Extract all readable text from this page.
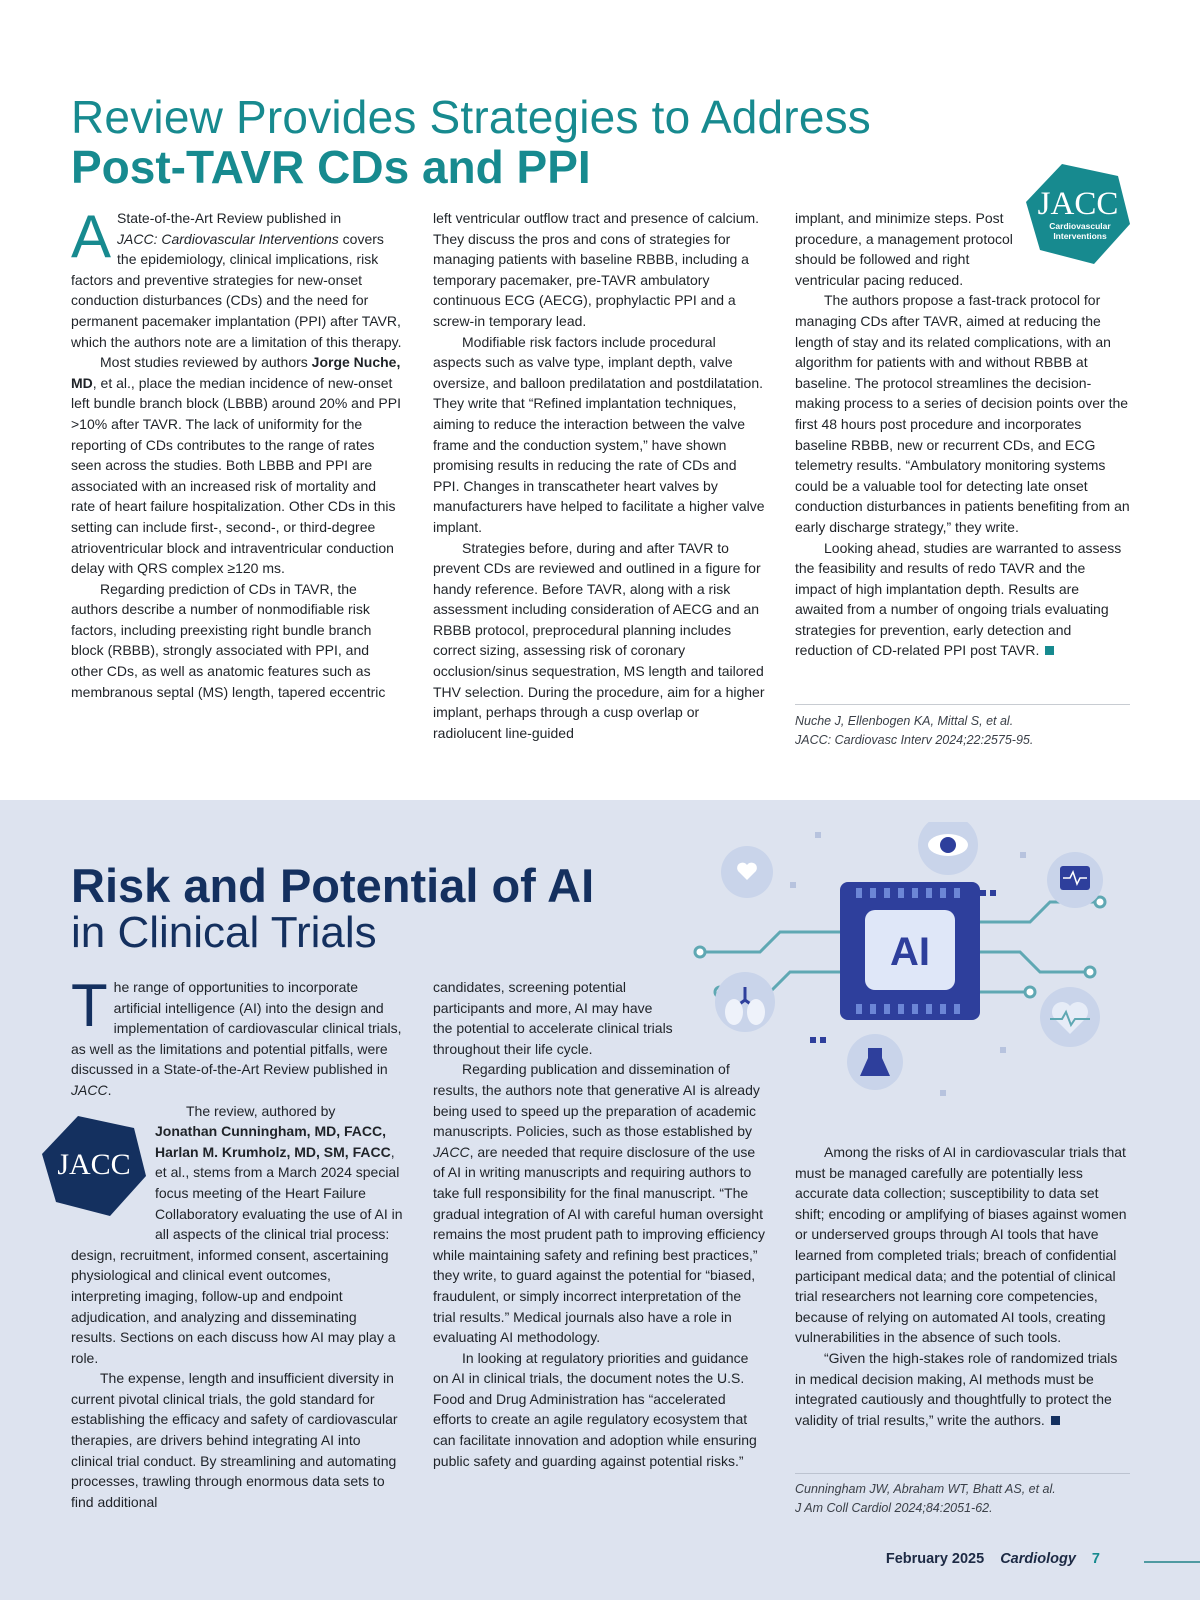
Review Provides Strategies to Address
Post-TAVR CDs and PPI
JACC
Cardiovascular
Interventions

A State-of-the-Art Review published in
JACC: Cardiovascular Interventions covers the epidemiology, clinical implications, risk factors and preventive strategies for new-onset conduction disturbances (CDs) and the need for permanent pacemaker implantation (PPI) after TAVR, which the authors note are a limitation of this therapy.

Most studies reviewed by authors Jorge Nuche, MD, et al., place the median incidence of new-onset left bundle branch block (LBBB) around 20% and PPI >10% after TAVR. The lack of uniformity for the reporting of CDs contributes to the range of rates seen across the studies. Both LBBB and PPI are associated with an increased risk of mortality and rate of heart failure hospitalization. Other CDs in this setting can include first-, second-, or third-degree atrioventricular block and intraventricular conduction delay with QRS complex ≥120 ms.

Regarding prediction of CDs in TAVR, the authors describe a number of nonmodifiable risk factors, including preexisting right bundle branch block (RBBB), strongly associated with PPI, and other CDs, as well as anatomic features such as membranous septal (MS) length, tapered eccentric

left ventricular outflow tract and presence of calcium. They discuss the pros and cons of strategies for managing patients with baseline RBBB, including a temporary pacemaker, pre-TAVR ambulatory continuous ECG (AECG), prophylactic PPI and a screw-in temporary lead.

Modifiable risk factors include procedural aspects such as valve type, implant depth, valve oversize, and balloon predilatation and postdilatation. They write that “Refined implantation techniques, aiming to reduce the interaction between the valve frame and the conduction system,” have shown promising results in reducing the rate of CDs and PPI. Changes in transcatheter heart valves by manufacturers have helped to facilitate a higher valve implant.

Strategies before, during and after TAVR to prevent CDs are reviewed and outlined in a figure for handy reference. Before TAVR, along with a risk assessment including consideration of AECG and an RBBB protocol, preprocedural planning includes correct sizing, assessing risk of coronary occlusion/sinus sequestration, MS length and tailored THV selection. During the procedure, aim for a higher implant, perhaps through a cusp overlap or radiolucent line-guided

implant, and minimize steps. Post procedure, a management protocol should be followed and right ventricular pacing reduced.

The authors propose a fast-track protocol for managing CDs after TAVR, aimed at reducing the length of stay and its related complications, with an algorithm for patients with and without RBBB at baseline. The protocol streamlines the decision-making process to a series of decision points over the first 48 hours post procedure and incorporates baseline RBBB, new or recurrent CDs, and ECG telemetry results. “Ambulatory monitoring systems could be a valuable tool for detecting late onset conduction disturbances in patients benefiting from an early discharge strategy,” they write.

Looking ahead, studies are warranted to assess the feasibility and results of redo TAVR and the impact of high implantation depth. Results are awaited from a number of ongoing trials evaluating strategies for prevention, early detection and reduction of CD-related PPI post TAVR.

Nuche J, Ellenbogen KA, Mittal S, et al.
JACC: Cardiovasc Interv 2024;22:2575-95.
Risk and Potential of AI
in Clinical Trials	AI
JACC

The range of opportunities to incorporate artificial intelligence (AI) into the design and implementation of cardiovascular clinical trials, as well as the limitations and potential pitfalls, were discussed in a State-of-the-Art Review published in JACC.

The review, authored by

Jonathan Cunningham, MD, FACC, Harlan M. Krumholz, MD, SM, FACC, et al., stems from a March 2024 special focus meeting of the Heart Failure Collaboratory evaluating the use of AI in all aspects of the clinical trial process: design, recruitment, informed consent, ascertaining physiological and clinical event outcomes, interpreting imaging, follow-up and endpoint adjudication, and analyzing and disseminating results. Sections on each discuss how AI may play a role.

The expense, length and insufficient diversity in current pivotal clinical trials, the gold standard for establishing the efficacy and safety of cardiovascular therapies, are drivers behind integrating AI into clinical trial conduct. By streamlining and automating processes, trawling through enormous data sets to find additional

candidates, screening potential participants and more, AI may have the potential to accelerate clinical trials throughout their life cycle.

Regarding publication and dissemination of results, the authors note that generative AI is already being used to speed up the preparation of academic manuscripts. Policies, such as those established by JACC, are needed that require disclosure of the use of AI in writing manuscripts and requiring authors to take full responsibility for the final manuscript. “The gradual integration of AI with careful human oversight remains the most prudent path to improving efficiency while maintaining safety and refining best practices,” they write, to guard against the potential for “biased, fraudulent, or simply incorrect interpretation of the trial results.” Medical journals also have a role in evaluating AI methodology.

In looking at regulatory priorities and guidance on AI in clinical trials, the document notes the U.S. Food and Drug Administration has “accelerated efforts to create an agile regulatory ecosystem that can facilitate innovation and adoption while ensuring public safety and guarding against potential risks.”

Among the risks of AI in cardiovascular trials that must be managed carefully are potentially less accurate data collection; susceptibility to data set shift; encoding or amplifying of biases against women or underserved groups through AI tools that have learned from completed trials; breach of confidential participant medical data; and the potential of clinical trial researchers not learning core competencies, because of relying on automated AI tools, creating vulnerabilities in the absence of such tools.

“Given the high-stakes role of randomized trials in medical decision making, AI methods must be integrated cautiously and thoughtfully to protect the validity of trial results,” write the authors.

Cunningham JW, Abraham WT, Bhatt AS, et al.
J Am Coll Cardiol 2024;84:2051-62.
February 2025 Cardiology 7
